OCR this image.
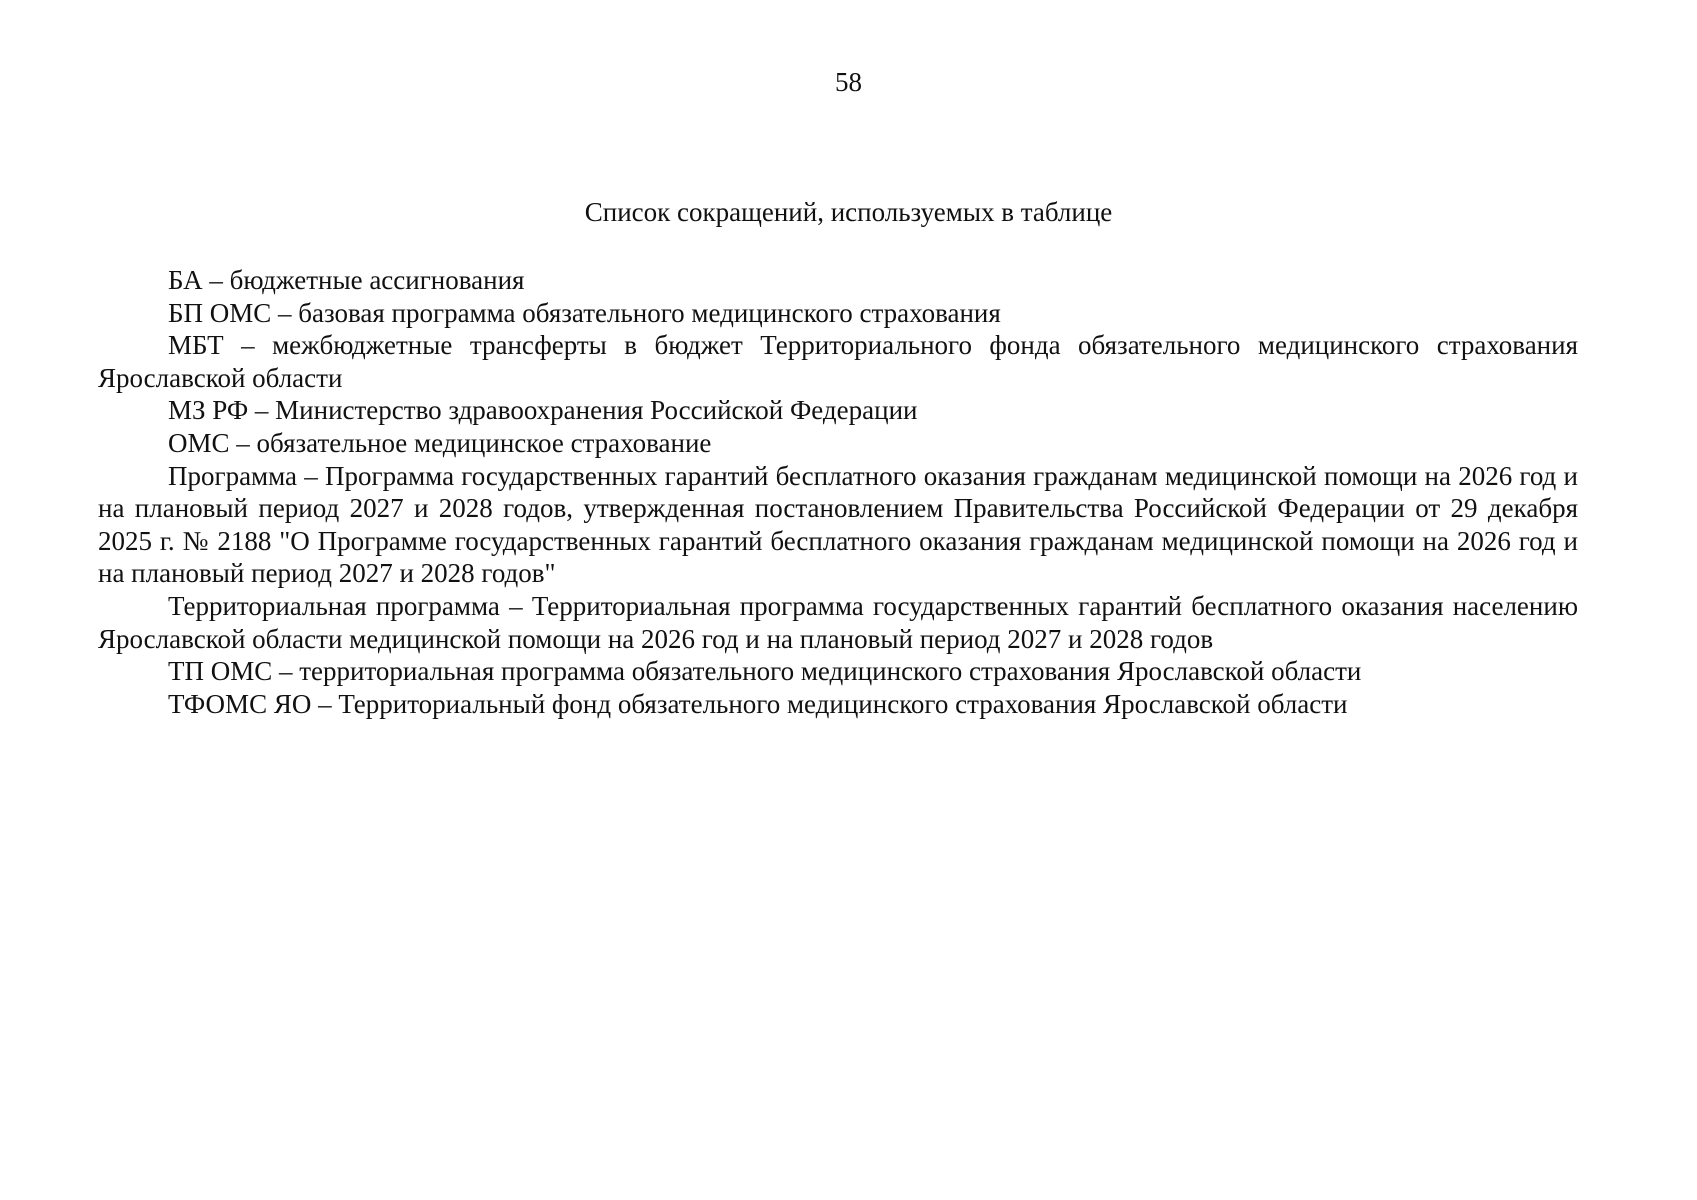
58
Список сокращений, используемых в таблице

БА – бюджетные ассигнования

БП ОМС – базовая программа обязательного медицинского страхования

МБТ – межбюджетные трансферты в бюджет Территориального фонда обязательного медицинского страхования Ярославской области

МЗ РФ – Министерство здравоохранения Российской Федерации

ОМС – обязательное медицинское страхование

Программа – Программа государственных гарантий бесплатного оказания гражданам медицинской помощи на 2026 год и на плановый период 2027 и 2028 годов, утвержденная постановлением Правительства Российской Федерации от 29 декабря 2025 г. № 2188 "О Программе государственных гарантий бесплатного оказания гражданам медицинской помощи на 2026 год и на плановый период 2027 и 2028 годов"

Территориальная программа – Территориальная программа государственных гарантий бесплатного оказания населению Ярославской области медицинской помощи на 2026 год и на плановый период 2027 и 2028 годов

ТП ОМС – территориальная программа обязательного медицинского страхования Ярославской области

ТФОМС ЯО – Территориальный фонд обязательного медицинского страхования Ярославской области
